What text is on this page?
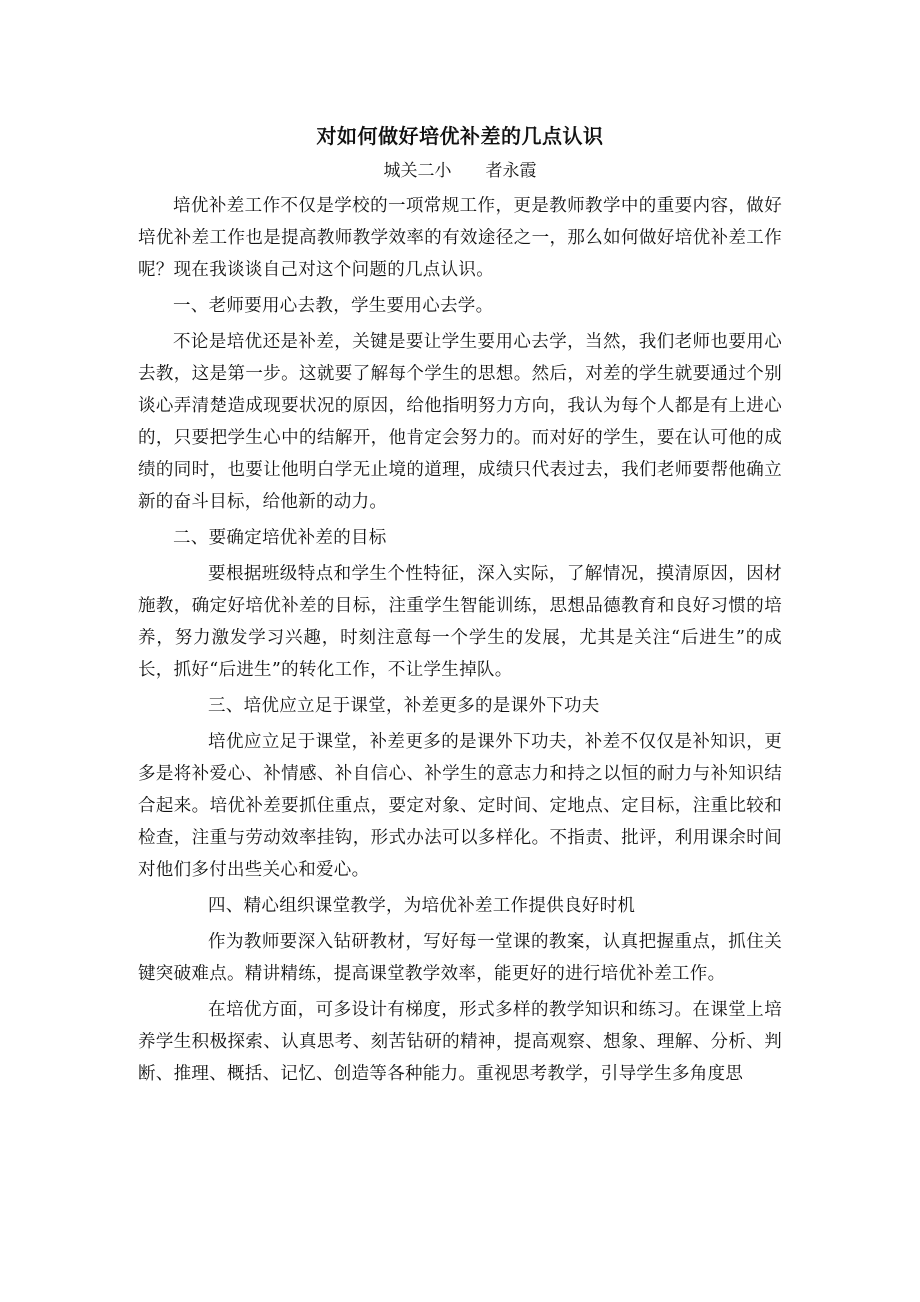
对如何做好培优补差的几点认识
城关二小 者永霞

培优补差工作不仅是学校的一项常规工作，更是教师教学中的重要内容，做好培优补差工作也是提高教师教学效率的有效途径之一，那么如何做好培优补差工作呢？现在我谈谈自己对这个问题的几点认识。

一、老师要用心去教，学生要用心去学。

不论是培优还是补差，关键是要让学生要用心去学，当然，我们老师也要用心去教，这是第一步。这就要了解每个学生的思想。然后，对差的学生就要通过个别谈心弄清楚造成现要状况的原因，给他指明努力方向，我认为每个人都是有上进心的，只要把学生心中的结解开，他肯定会努力的。而对好的学生，要在认可他的成绩的同时，也要让他明白学无止境的道理，成绩只代表过去，我们老师要帮他确立新的奋斗目标，给他新的动力。

二、要确定培优补差的目标

要根据班级特点和学生个性特征，深入实际，了解情况，摸清原因，因材施教，确定好培优补差的目标，注重学生智能训练，思想品德教育和良好习惯的培养，努力激发学习兴趣，时刻注意每一个学生的发展，尤其是关注“后进生”的成长，抓好“后进生”的转化工作，不让学生掉队。

三、培优应立足于课堂，补差更多的是课外下功夫

培优应立足于课堂，补差更多的是课外下功夫，补差不仅仅是补知识，更多是将补爱心、补情感、补自信心、补学生的意志力和持之以恒的耐力与补知识结合起来。培优补差要抓住重点，要定对象、定时间、定地点、定目标，注重比较和检查，注重与劳动效率挂钩，形式办法可以多样化。不指责、批评，利用课余时间对他们多付出些关心和爱心。

四、精心组织课堂教学，为培优补差工作提供良好时机

作为教师要深入钻研教材，写好每一堂课的教案，认真把握重点，抓住关键突破难点。精讲精练，提高课堂教学效率，能更好的进行培优补差工作。

在培优方面，可多设计有梯度，形式多样的教学知识和练习。在课堂上培养学生积极探索、认真思考、刻苦钻研的精神，提高观察、想象、理解、分析、判断、推理、概括、记忆、创造等各种能力。重视思考教学，引导学生多角度思
